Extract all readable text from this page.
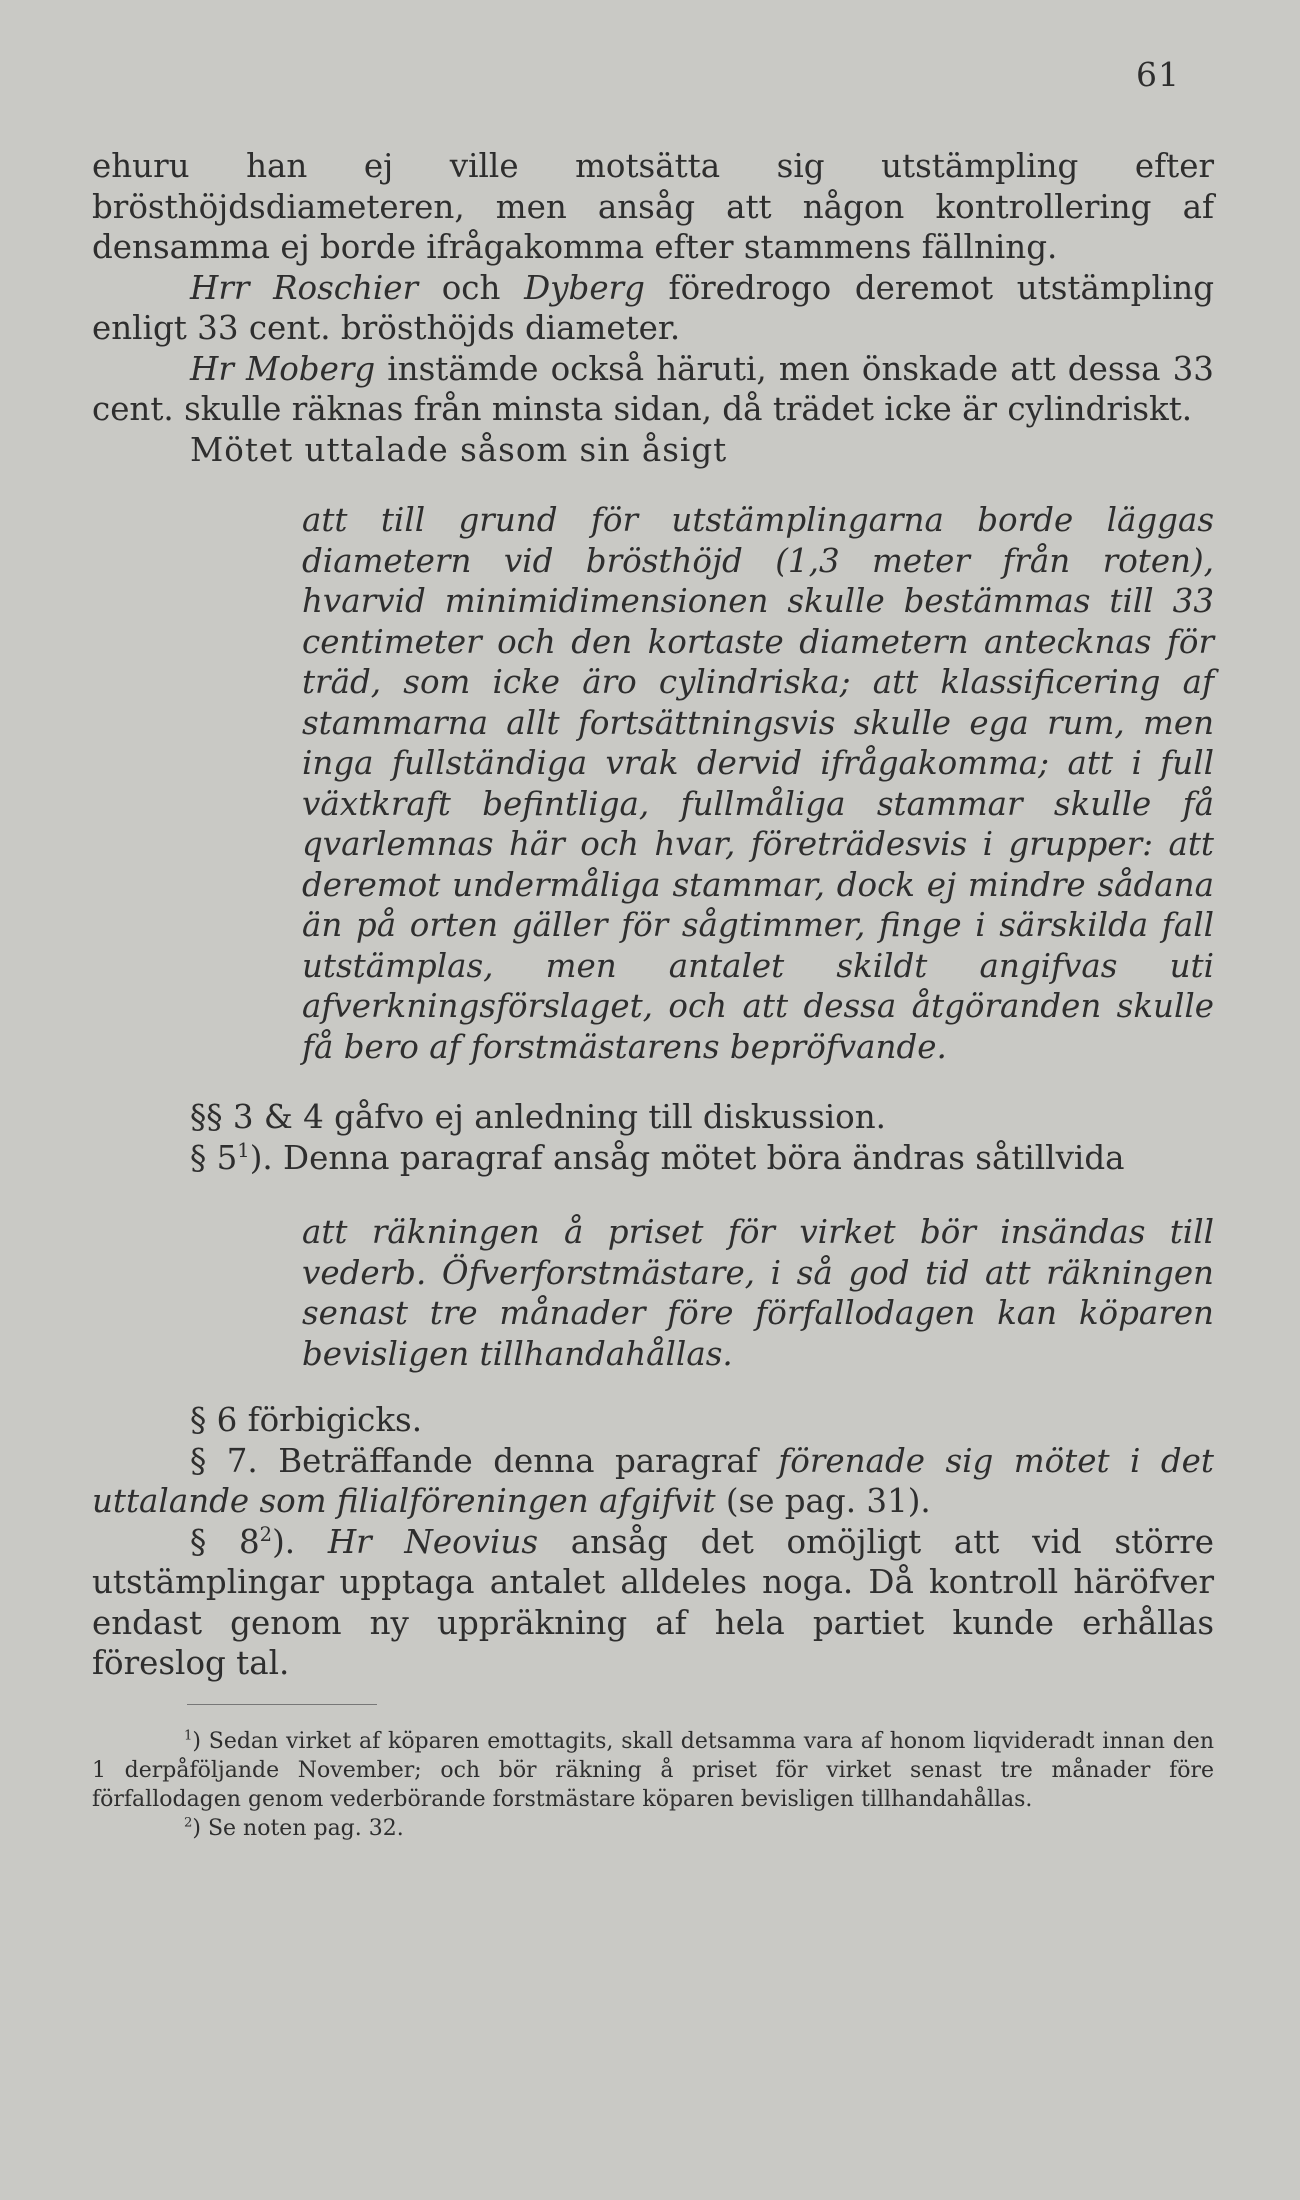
61

ehuru han ej ville motsätta sig utstämpling efter brösthöjdsdiameteren, men ansåg att någon kontrollering af densamma ej borde ifrågakomma efter stammens fällning.

Hrr Roschier och Dyberg föredrogo deremot utstämpling enligt 33 cent. brösthöjds diameter.

Hr Moberg instämde också häruti, men önskade att dessa 33 cent. skulle räknas från minsta sidan, då trädet icke är cylindriskt.

Mötet uttalade såsom sin åsigt

att till grund för utstämplingarna borde läggas diametern vid brösthöjd (1,3 meter från roten), hvarvid minimidimensionen skulle bestämmas till 33 centimeter och den kortaste diametern antecknas för träd, som icke äro cylindriska; att klassificering af stammarna allt fortsättningsvis skulle ega rum, men inga fullständiga vrak dervid ifrågakomma; att i full växtkraft befintliga, fullmåliga stammar skulle få qvarlemnas här och hvar, företrädesvis i grupper: att deremot undermåliga stammar, dock ej mindre sådana än på orten gäller för sågtimmer, finge i särskilda fall utstämplas, men antalet skildt angifvas uti afverkningsförslaget, och att dessa åtgöranden skulle få bero af forstmästarens bepröfvande.

§§ 3 & 4 gåfvo ej anledning till diskussion.

§ $5^1$). Denna paragraf ansåg mötet böra ändras såtillvida

att räkningen å priset för virket bör insändas till vederb. Öfverforstmästare, i så god tid att räkningen senast tre månader före förfallodagen kan köparen bevisligen tillhandahållas.

§ 6 förbigicks.

§ 7. Beträffande denna paragraf förenade sig mötet i det uttalande som filialföreningen afgifvit (se pag. 31).

§ $8^2$). Hr Neovius ansåg det omöjligt att vid större utstämplingar upptaga antalet alldeles noga. Då kontroll häröfver endast genom ny uppräkning af hela partiet kunde erhållas föreslog tal.

$^1$) Sedan virket af köparen emottagits, skall detsamma vara af honom liqvideradt innan den 1 derpåföljande November; och bör räkning å priset för virket senast tre månader före förfallodagen genom vederbörande forstmästare köparen bevisligen tillhandahållas.

$^2$) Se noten pag. 32.
